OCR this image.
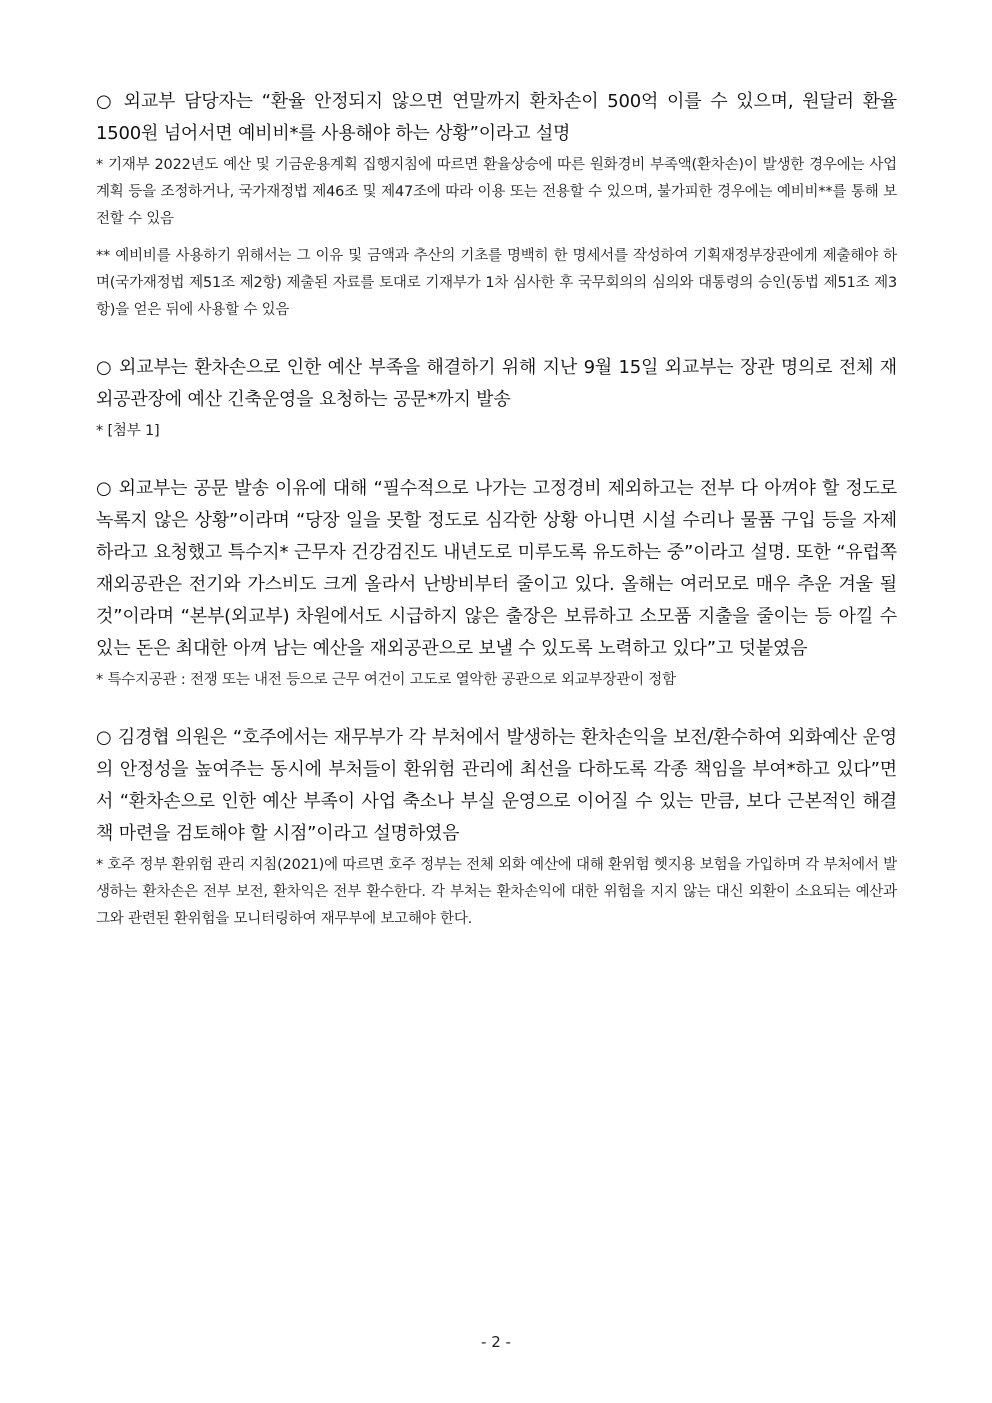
○ 외교부 담당자는 “환율 안정되지 않으면 연말까지 환차손이 500억 이를 수 있으며, 원달러 환율 1500원 넘어서면 예비비*를 사용해야 하는 상황”이라고 설명

* 기재부 2022년도 예산 및 기금운용계획 집행지침에 따르면 환율상승에 따른 원화경비 부족액(환차손)이 발생한 경우에는 사업계획 등을 조정하거나, 국가재정법 제46조 및 제47조에 따라 이용 또는 전용할 수 있으며, 불가피한 경우에는 예비비**를 통해 보전할 수 있음

** 예비비를 사용하기 위해서는 그 이유 및 금액과 추산의 기초를 명백히 한 명세서를 작성하여 기획재정부장관에게 제출해야 하며(국가재정법 제51조 제2항) 제출된 자료를 토대로 기재부가 1차 심사한 후 국무회의의 심의와 대통령의 승인(동법 제51조 제3항)을 얻은 뒤에 사용할 수 있음

○ 외교부는 환차손으로 인한 예산 부족을 해결하기 위해 지난 9월 15일 외교부는 장관 명의로 전체 재외공관장에 예산 긴축운영을 요청하는 공문*까지 발송

* [첨부 1]

○ 외교부는 공문 발송 이유에 대해 “필수적으로 나가는 고정경비 제외하고는 전부 다 아껴야 할 정도로 녹록지 않은 상황”이라며 “당장 일을 못할 정도로 심각한 상황 아니면 시설 수리나 물품 구입 등을 자제하라고 요청했고 특수지* 근무자 건강검진도 내년도로 미루도록 유도하는 중”이라고 설명. 또한 “유럽쪽 재외공관은 전기와 가스비도 크게 올라서 난방비부터 줄이고 있다. 올해는 여러모로 매우 추운 겨울 될 것”이라며 “본부(외교부) 차원에서도 시급하지 않은 출장은 보류하고 소모품 지출을 줄이는 등 아낄 수 있는 돈은 최대한 아껴 남는 예산을 재외공관으로 보낼 수 있도록 노력하고 있다”고 덧붙였음

* 특수지공관 : 전쟁 또는 내전 등으로 근무 여건이 고도로 열악한 공관으로 외교부장관이 정함

○ 김경협 의원은 “호주에서는 재무부가 각 부처에서 발생하는 환차손익을 보전/환수하여 외화예산 운영의 안정성을 높여주는 동시에 부처들이 환위험 관리에 최선을 다하도록 각종 책임을 부여*하고 있다”면서 “환차손으로 인한 예산 부족이 사업 축소나 부실 운영으로 이어질 수 있는 만큼, 보다 근본적인 해결책 마련을 검토해야 할 시점”이라고 설명하였음

* 호주 정부 환위험 관리 지침(2021)에 따르면 호주 정부는 전체 외화 예산에 대해 환위험 헷지용 보험을 가입하며 각 부처에서 발생하는 환차손은 전부 보전, 환차익은 전부 환수한다. 각 부처는 환차손익에 대한 위험을 지지 않는 대신 외환이 소요되는 예산과 그와 관련된 환위험을 모니터링하여 재무부에 보고해야 한다.

- 2 -
